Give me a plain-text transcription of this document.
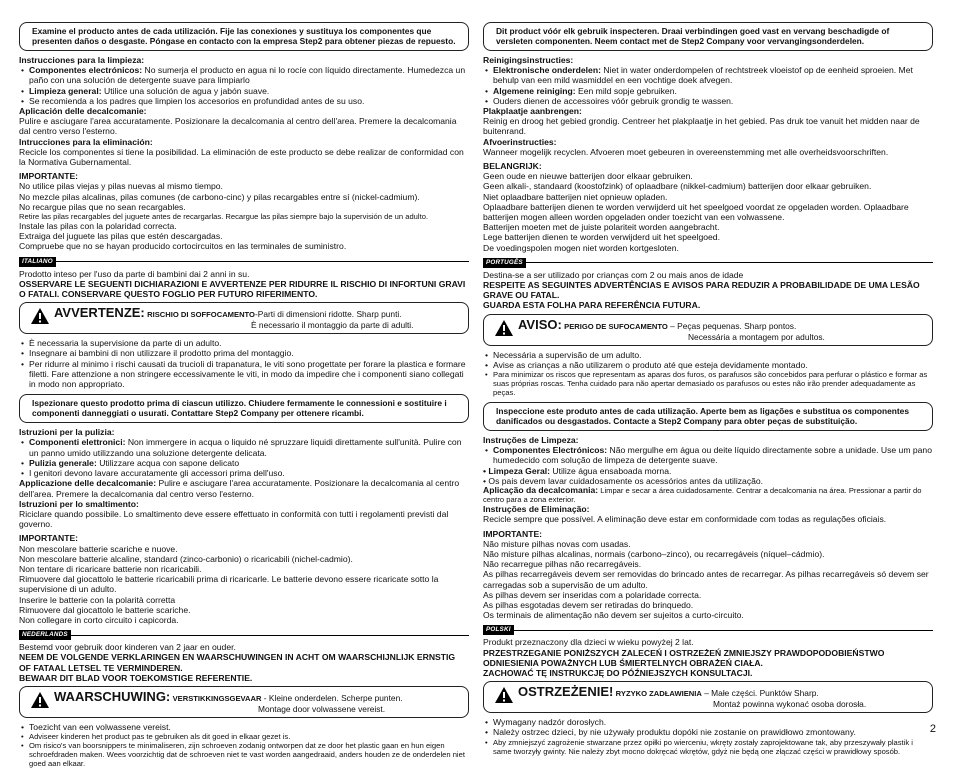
Examine el producto antes de cada utilización. Fije las conexiones y sustituya los componentes que presenten daños o desgaste. Póngase en contacto con la empresa Step2 para obtener piezas de repuesto.

Instrucciones para la limpieza:

• Componentes electrónicos: No sumerja el producto en agua ni lo rocíe con líquido directamente. Humedezca un paño con una solución de detergente suave para limpiarlo

• Limpieza general: Utilice una solución de agua y jabón suave.

• Se recomienda a los padres que limpien los accesorios en profundidad antes de su uso.

Aplicación delle decalcomanie:

Pulire e asciugare l'area accuratamente. Posizionare la decalcomania al centro dell'area. Premere la decalcomania dal centro verso l'esterno.

Intrucciones para la eliminación:

Recicle los componentes si tiene la posibilidad. La eliminación de este producto se debe realizar de conformidad con la Normativa Gubernamental.

IMPORTANTE:

No utilice pilas viejas y pilas nuevas al mismo tiempo.

No mezcle pilas alcalinas, pilas comunes (de carbono-cinc) y pilas recargables entre sí (nickel-cadmium).

No recargue pilas que no sean recargables.

Retire las pilas recargables del juguete antes de recargarlas. Recargue las pilas siempre bajo la supervisión de un adulto.

Instale las pilas con la polaridad correcta.

Extraiga del juguete las pilas que estén descargadas.

Compruebe que no se hayan producido cortocircuitos en las terminales de suministro.

ITALIANO

Prodotto inteso per l'uso da parte di bambini dai 2 anni in su.

OSSERVARE LE SEGUENTI DICHIARAZIONI E AVVERTENZE PER RIDURRE IL RISCHIO DI INFORTUNI GRAVI O FATALI. CONSERVARE QUESTO FOGLIO PER FUTURO RIFERIMENTO.

AVVERTENZE: RISCHIO DI SOFFOCAMENTO-Parti di dimensioni ridotte. Sharp punti.
È necessario il montaggio da parte di adulti.

• È necessaria la supervisione da parte di un adulto.

• Insegnare ai bambini di non utilizzare il prodotto prima del montaggio.

• Per ridurre al minimo i rischi causati da trucioli di trapanatura, le viti sono progettate per forare la plastica e formare filetti. Fare attenzione a non stringere eccessivamente le viti, in modo da impedire che i componenti siano collegati in modo non appropriato.

Ispezionare questo prodotto prima di ciascun utilizzo. Chiudere fermamente le connessioni e sostituire i componenti danneggiati o usurati. Contattare Step2 Company per ottenere ricambi.

Istruzioni per la pulizia:

• Componenti elettronici: Non immergere in acqua o liquido né spruzzare liquidi direttamente sull'unità. Pulire con un panno umido utilizzando una soluzione detergente delicata.

• Pulizia generale: Utilizzare acqua con sapone delicato

• I genitori devono lavare accuratamente gli accessori prima dell'uso.

Applicazione delle decalcomanie: Pulire e asciugare l'area accuratamente. Posizionare la decalcomania al centro dell'area. Premere la decalcomania dal centro verso l'esterno.

Istruzioni per lo smaltimento:

Riciclare quando possibile. Lo smaltimento deve essere effettuato in conformità con tutti i regolamenti previsti dal governo.

IMPORTANTE:

Non mescolare batterie scariche e nuove.

Non mescolare batterie alcaline, standard (zinco-carbonio) o ricaricabili (nichel-cadmio).

Non tentare di ricaricare batterie non ricaricabili.

Rimuovere dal giocattolo le batterie ricaricabili prima di ricaricarle. Le batterie devono essere ricaricate sotto la supervisione di un adulto.

Inserire le batterie con la polarità corretta

Rimuovere dal giocattolo le batterie scariche.

Non collegare in corto circuito i capicorda.

NEDERLANDS

Bestemd voor gebruik door kinderen van 2 jaar en ouder.

NEEM DE VOLGENDE VERKLARINGEN EN WAARSCHUWINGEN IN ACHT OM WAARSCHIJNLIJK ERNSTIG OF FATAAL LETSEL TE VERMINDEREN.

BEWAAR DIT BLAD VOOR TOEKOMSTIGE REFERENTIE.

WAARSCHUWING: VERSTIKKINGSGEVAAR - Kleine onderdelen. Scherpe punten.
Montage door volwassene vereist.

• Toezicht van een volwassene vereist.

• Adviseer kinderen het product pas te gebruiken als dit goed in elkaar gezet is.

• Om risico's van boorsnippers te minimaliseren, zijn schroeven zodanig ontworpen dat ze door het plastic gaan en hun eigen schroefdraden maken. Wees voorzichtig dat de schroeven niet te vast worden aangedraaid, anders houden ze de onderdelen niet goed aan elkaar.

Dit product vóór elk gebruik inspecteren. Draai verbindingen goed vast en vervang beschadigde of versleten componenten. Neem contact met de Step2 Company voor vervangingsonderdelen.

Reinigingsinstructies:

• Elektronische onderdelen: Niet in water onderdompelen of rechtstreek vloeistof op de eenheid sproeien. Met behulp van een mild wasmiddel en een vochtige doek afvegen.

• Algemene reiniging: Een mild sopje gebruiken.

• Ouders dienen de accessoires vóór gebruik grondig te wassen.

Plakplaatje aanbrengen:

Reinig en droog het gebied grondig. Centreer het plakplaatje in het gebied. Pas druk toe vanuit het midden naar de buitenrand.

Afvoerinstructies:

Wanneer mogelijk recyclen. Afvoeren moet gebeuren in overeenstemming met alle overheidsvoorschriften.

BELANGRIJK:

Geen oude en nieuwe batterijen door elkaar gebruiken.

Geen alkali-, standaard (koostofzink) of oplaadbare (nikkel-cadmium) batterijen door elkaar gebruiken.

Niet oplaadbare batterijen niet opnieuw opladen.

Oplaadbare batterijen dienen te worden verwijderd uit het speelgoed voordat ze opgeladen worden. Oplaadbare batterijen mogen alleen worden opgeladen onder toezicht van een volwassene.

Batterijen moeten met de juiste polariteit worden aangebracht.

Lege batterijen dienen te worden verwijderd uit het speelgoed.

De voedingspolen mogen niet worden kortgesloten.

PORTUGÊS

Destina-se a ser utilizado por crianças com 2 ou mais anos de idade

RESPEITE AS SEGUINTES ADVERTÊNCIAS E AVISOS PARA REDUZIR A PROBABILIDADE DE UMA LESÃO GRAVE OU FATAL.

GUARDA ESTA FOLHA PARA REFERÊNCIA FUTURA.

AVISO: PERIGO DE SUFOCAMENTO – Peças pequenas. Sharp pontos.
Necessária a montagem por adultos.

• Necessária a supervisão de um adulto.

• Avise as crianças a não utilizarem o produto até que esteja devidamente montado.

• Para minimizar os riscos que representam as aparas dos furos, os parafusos são concebidos para perfurar o plástico e formar as suas próprias roscas. Tenha cuidado para não apertar demasiado os parafusos ou estes não irão prender adequadamente as peças.

Inspeccione este produto antes de cada utilização. Aperte bem as ligações e substitua os componentes danificados ou desgastados. Contacte a Step2 Company para obter peças de substituição.

Instruções de Limpeza:

• Componentes Electrónicos: Não mergulhe em água ou deite líquido directamente sobre a unidade. Use um pano humedecido com solução de limpeza de detergente suave.

• Limpeza Geral: Utilize água ensaboada morna.

• Os pais devem lavar cuidadosamente os acessórios antes da utilização.

Aplicação da decalcomania: Limpar e secar a área cuidadosamente. Centrar a decalcomania na área. Pressionar a partir do centro para a zona exterior.

Instruções de Eliminação:

Recicle sempre que possível. A eliminação deve estar em conformidade com todas as regulações oficiais.

IMPORTANTE:

Não misture pilhas novas com usadas.

Não misture pilhas alcalinas, normais (carbono–zinco), ou recarregáveis (níquel–cádmio).

Não recarregue pilhas não recarregáveis.

As pilhas recarregáveis devem ser removidas do brincado antes de recarregar. As pilhas recarregáveis só devem ser carregadas sob a supervisão de um adulto.

As pilhas devem ser inseridas com a polaridade correcta.

As pilhas esgotadas devem ser retiradas do brinquedo.

Os terminais de alimentação não devem ser sujeitos a curto-circuito.

POLSKI

Produkt przeznaczony dla dzieci w wieku powyżej 2 lat.

PRZESTRZEGANIE PONIŻSZYCH ZALECEŃ I OSTRZEŻEŃ ZMNIEJSZY PRAWDOPODOBIEŃSTWO ODNIESIENIA POWAŻNYCH LUB ŚMIERTELNYCH OBRAŻEŃ CIAŁA.

ZACHOWAĆ TĘ INSTRUKCJĘ DO PÓŹNIEJSZYCH KONSULTACJI.

OSTRZEŻENIE! RYZYKO ZADŁAWIENIA – Małe części. Punktów Sharp.
Montaż powinna wykonać osoba dorosła.

• Wymagany nadzór dorosłych.

• Należy ostrzec dzieci, by nie używały produktu dopóki nie zostanie on prawidłowo zmontowany.

• Aby zmniejszyć zagrożenie stwarzane przez opiłki po wierceniu, wkręty zostały zaprojektowane tak, aby przeszywały plastik i same tworzyły gwinty. Nie należy zbyt mocno dokręcać wkrętów, gdyż nie będą one złączać części w prawidłowy sposób.

2
